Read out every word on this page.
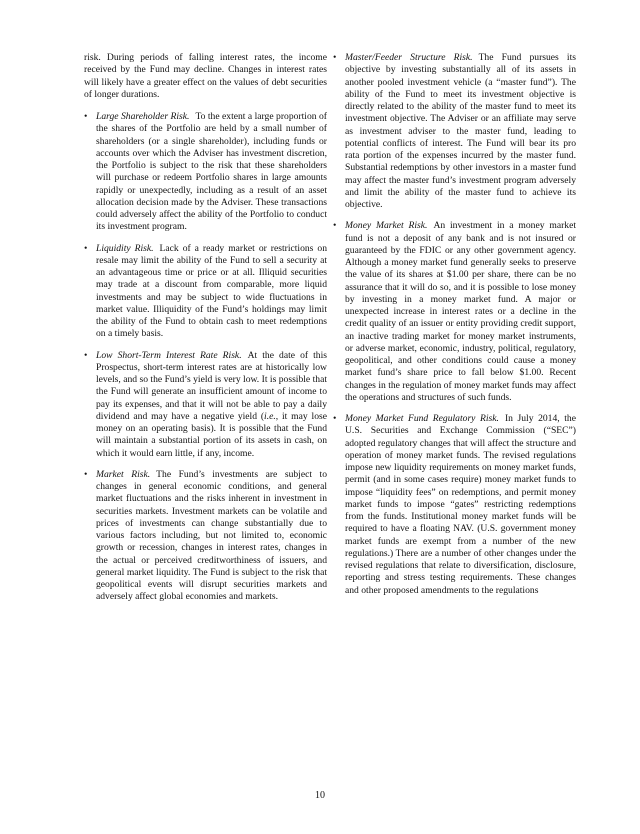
risk. During periods of falling interest rates, the income received by the Fund may decline. Changes in interest rates will likely have a greater effect on the values of debt securities of longer durations.

• Large Shareholder Risk. To the extent a large proportion of the shares of the Portfolio are held by a small number of shareholders (or a single shareholder), including funds or accounts over which the Adviser has investment discretion, the Portfolio is subject to the risk that these shareholders will purchase or redeem Portfolio shares in large amounts rapidly or unexpectedly, including as a result of an asset allocation decision made by the Adviser. These transactions could adversely affect the ability of the Portfolio to conduct its investment program.
• Liquidity Risk. Lack of a ready market or restrictions on resale may limit the ability of the Fund to sell a security at an advantageous time or price or at all. Illiquid securities may trade at a discount from comparable, more liquid investments and may be subject to wide fluctuations in market value. Illiquidity of the Fund’s holdings may limit the ability of the Fund to obtain cash to meet redemptions on a timely basis.
• Low Short-Term Interest Rate Risk. At the date of this Prospectus, short-term interest rates are at historically low levels, and so the Fund’s yield is very low. It is possible that the Fund will generate an insufficient amount of income to pay its expenses, and that it will not be able to pay a daily dividend and may have a negative yield (i.e., it may lose money on an operating basis). It is possible that the Fund will maintain a substantial portion of its assets in cash, on which it would earn little, if any, income.
• Market Risk. The Fund’s investments are subject to changes in general economic conditions, and general market fluctuations and the risks inherent in investment in securities markets. Investment markets can be volatile and prices of investments can change substantially due to various factors including, but not limited to, economic growth or recession, changes in interest rates, changes in the actual or perceived creditworthiness of issuers, and general market liquidity. The Fund is subject to the risk that geopolitical events will disrupt securities markets and adversely affect global economies and markets.
• Master/Feeder Structure Risk. The Fund pursues its objective by investing substantially all of its assets in another pooled investment vehicle (a “master fund”). The ability of the Fund to meet its investment objective is directly related to the ability of the master fund to meet its investment objective. The Adviser or an affiliate may serve as investment adviser to the master fund, leading to potential conflicts of interest. The Fund will bear its pro rata portion of the expenses incurred by the master fund. Substantial redemptions by other investors in a master fund may affect the master fund’s investment program adversely and limit the ability of the master fund to achieve its objective.
• Money Market Risk. An investment in a money market fund is not a deposit of any bank and is not insured or guaranteed by the FDIC or any other government agency. Although a money market fund generally seeks to preserve the value of its shares at $1.00 per share, there can be no assurance that it will do so, and it is possible to lose money by investing in a money market fund. A major or unexpected increase in interest rates or a decline in the credit quality of an issuer or entity providing credit support, an inactive trading market for money market instruments, or adverse market, economic, industry, political, regulatory, geopolitical, and other conditions could cause a money market fund’s share price to fall below $1.00. Recent changes in the regulation of money market funds may affect the operations and structures of such funds.
• Money Market Fund Regulatory Risk. In July 2014, the U.S. Securities and Exchange Commission (“SEC”) adopted regulatory changes that will affect the structure and operation of money market funds. The revised regulations impose new liquidity requirements on money market funds, permit (and in some cases require) money market funds to impose “liquidity fees” on redemptions, and permit money market funds to impose “gates” restricting redemptions from the funds. Institutional money market funds will be required to have a floating NAV. (U.S. government money market funds are exempt from a number of the new regulations.) There are a number of other changes under the revised regulations that relate to diversification, disclosure, reporting and stress testing requirements. These changes and other proposed amendments to the regulations
10
